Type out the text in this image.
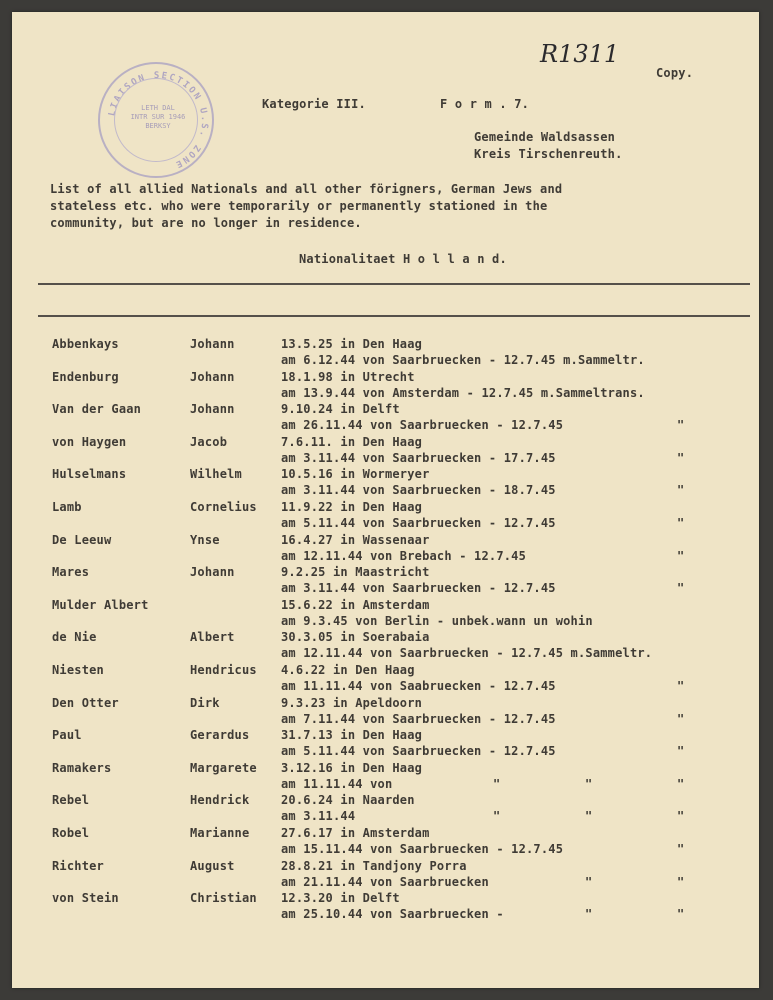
LIAISON SECTION U.S. ZONE
LETH DAL
INTR SUR 1946
BERKSY
R1311
Copy.
Kategorie III.	F o r m . 7.
Gemeinde Waldsassen
Kreis Tirschenreuth.
List of all allied Nationals and all other förigners, German Jews and
stateless etc. who were temporarily or permanently stationed in the
community, but are no longer in residence.
Nationalitaet H o l l a n d.
Abbenkays	Johann	13.5.25 in Den Haag
am 6.12.44 von Saarbruecken - 12.7.45 m.Sammeltr.
Endenburg	Johann	18.1.98 in Utrecht
am 13.9.44 von Amsterdam - 12.7.45 m.Sammeltrans.
Van der Gaan	Johann	9.10.24 in Delft
am 26.11.44 von Saarbruecken - 12.7.45	"
von Haygen	Jacob	7.6.11. in Den Haag
am 3.11.44 von Saarbruecken - 17.7.45	"
Hulselmans	Wilhelm	10.5.16 in Wormeryer
am 3.11.44 von Saarbruecken - 18.7.45	"
Lamb	Cornelius 11.9.22 in Den Haag
am 5.11.44 von Saarbruecken - 12.7.45	"
De Leeuw	Ynse	16.4.27 in Wassenaar
am 12.11.44 von Brebach - 12.7.45	"
Mares	Johann	9.2.25 in Maastricht
am 3.11.44 von Saarbruecken - 12.7.45	"
Mulder Albert	15.6.22 in Amsterdam
am 9.3.45 von Berlin - unbek.wann un wohin
de Nie	Albert	30.3.05 in Soerabaia
am 12.11.44 von Saarbruecken - 12.7.45 m.Sammeltr.
Niesten	Hendricus 4.6.22 in Den Haag
am 11.11.44 von Saabruecken - 12.7.45	"
Den Otter	Dirk	9.3.23 in Apeldoorn
am 7.11.44 von Saarbruecken - 12.7.45	"
Paul	Gerardus	31.7.13 in Den Haag
am 5.11.44 von Saarbruecken - 12.7.45	"
Ramakers	Margarete 3.12.16 in Den Haag
am 11.11.44 von	"	"	"
Rebel	Hendrick	20.6.24 in Naarden
am 3.11.44	"	"	"
Robel	Marianne	27.6.17 in Amsterdam
am 15.11.44 von Saarbruecken - 12.7.45	"
Richter	August	28.8.21 in Tandjony Porra
am 21.11.44 von Saarbruecken	"	"
von Stein	Christian 12.3.20 in Delft
am 25.10.44 von Saarbruecken -	"	"
